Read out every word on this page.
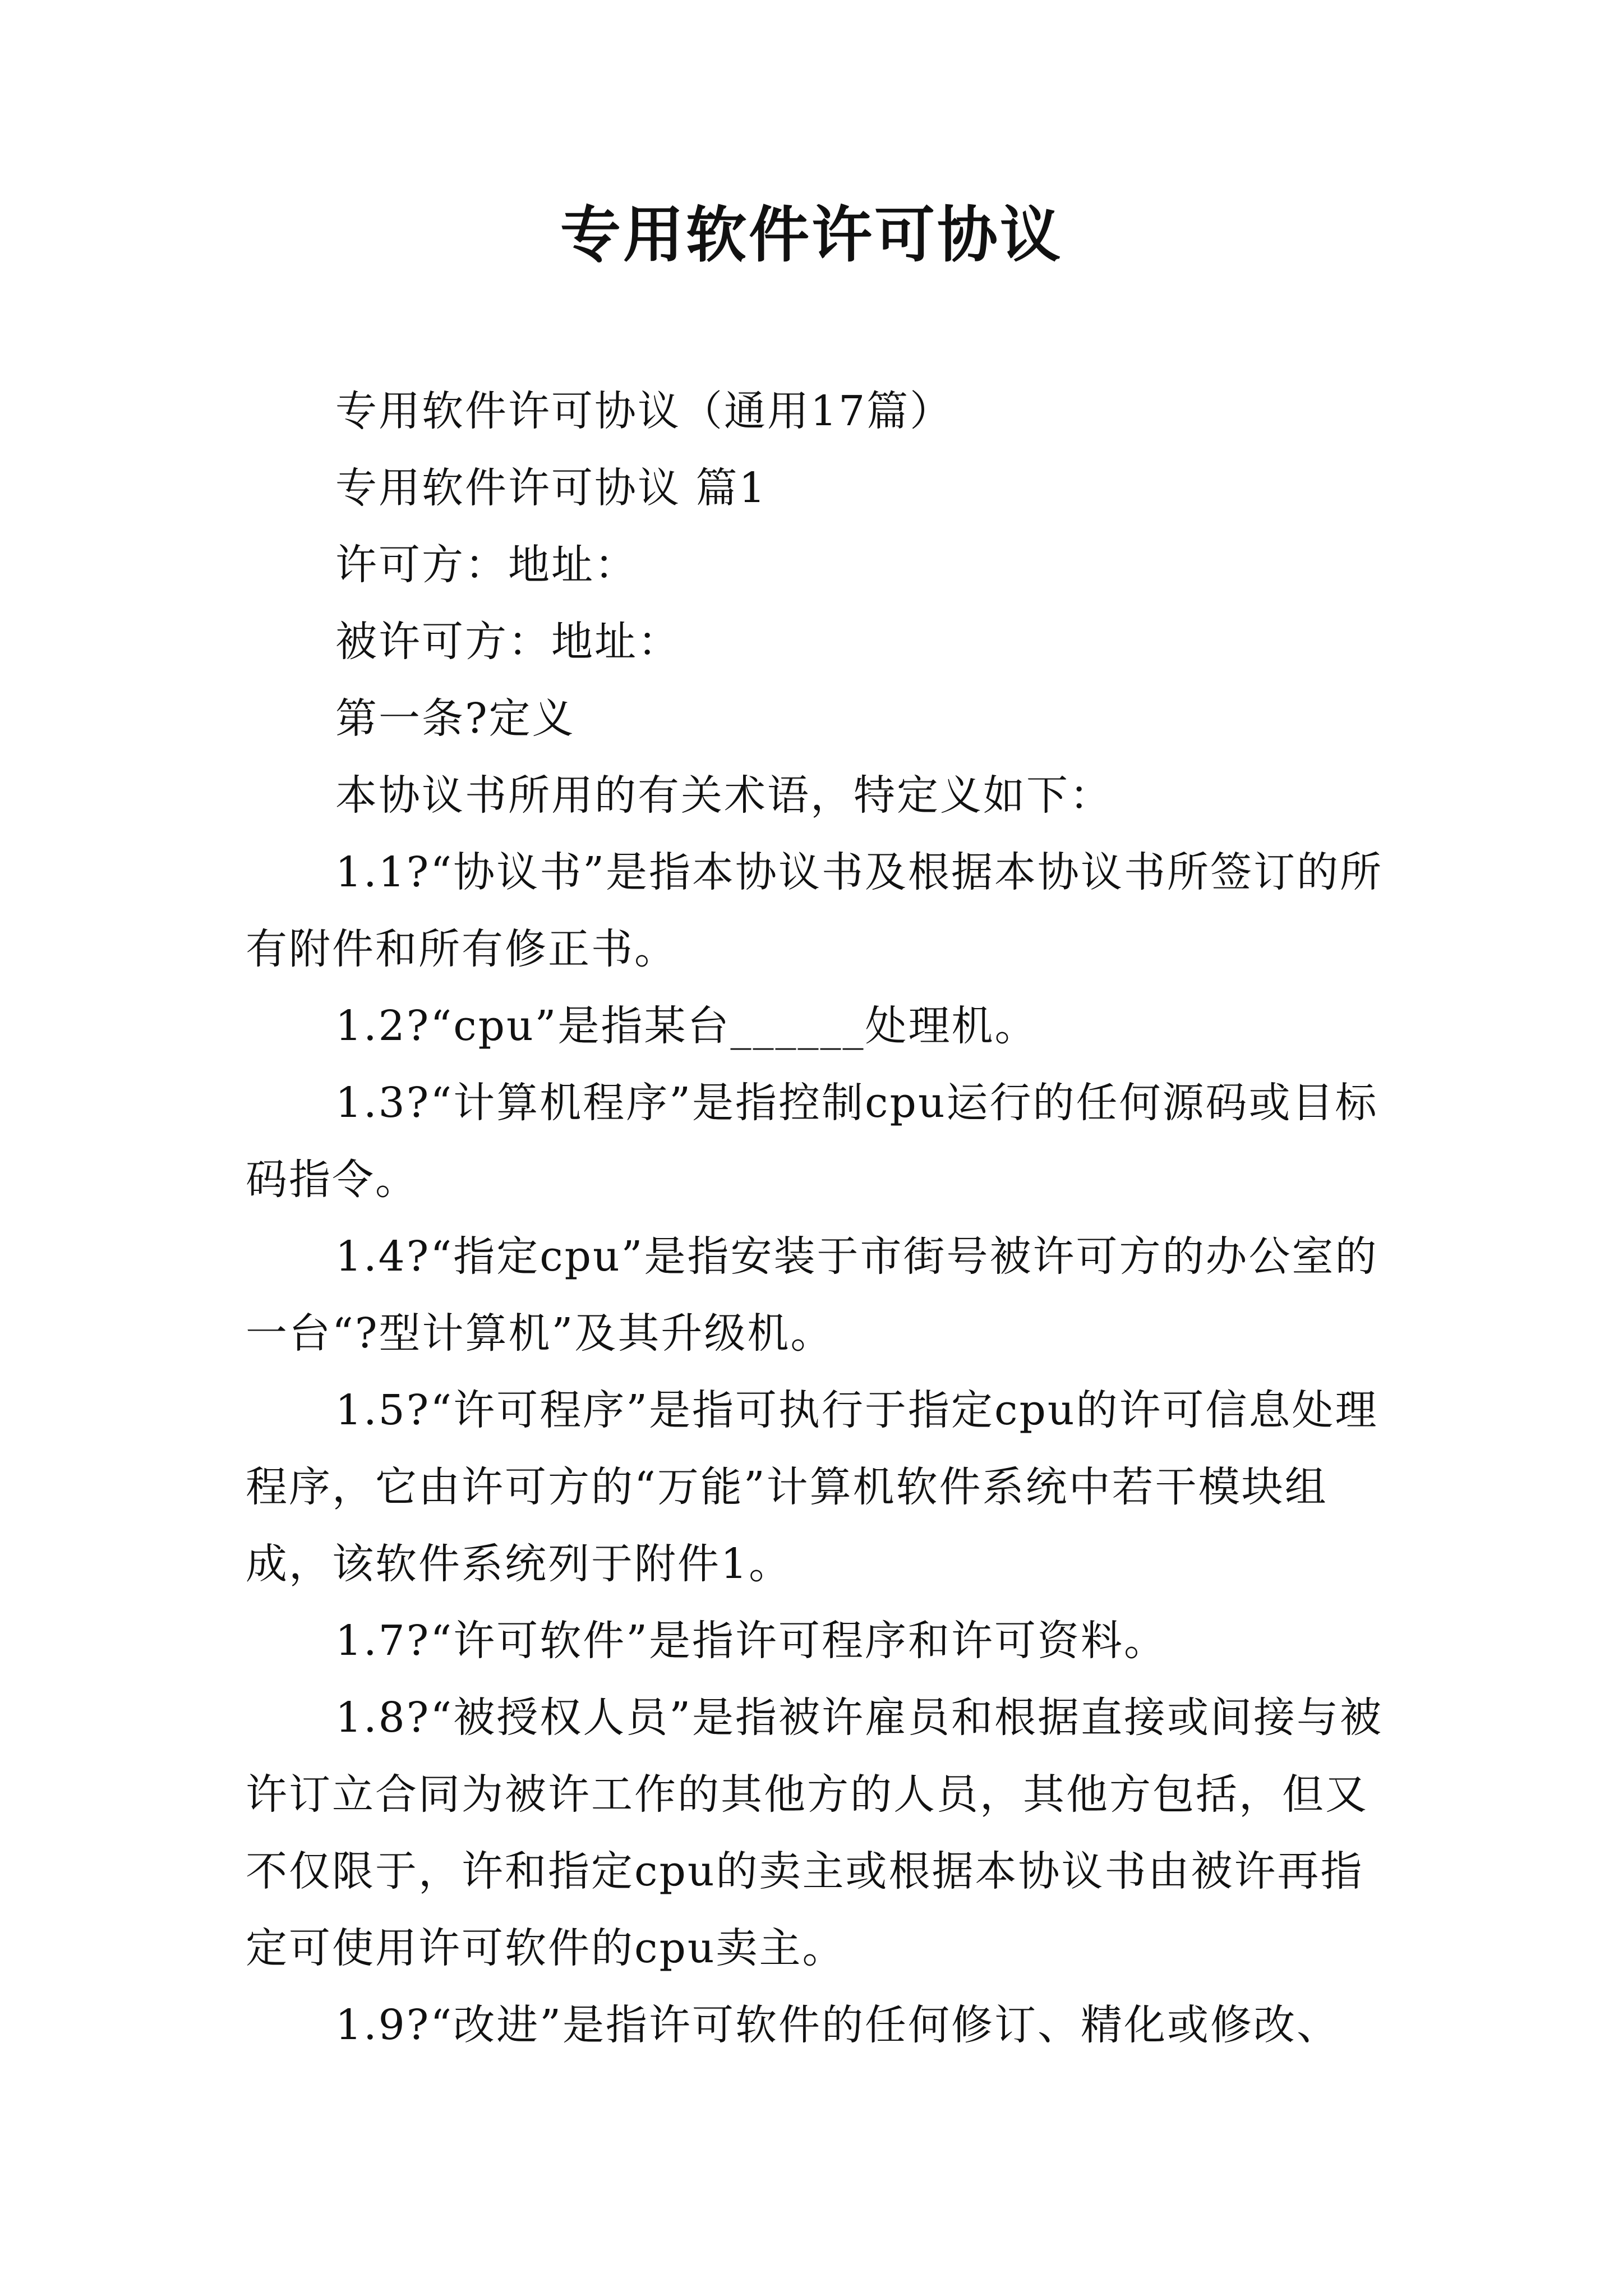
专用软件许可协议

专用软件许可协议（通用17篇）

专用软件许可协议 篇1

许可方：地址：

被许可方：地址：

第一条?定义

本协议书所用的有关术语，特定义如下：

1.1?“协议书”是指本协议书及根据本协议书所签订的所有附件和所有修正书。

1.2?“cpu”是指某台______处理机。

1.3?“计算机程序”是指控制cpu运行的任何源码或目标码指令。

1.4?“指定cpu”是指安装于市街号被许可方的办公室的一台“?型计算机”及其升级机。

1.5?“许可程序”是指可执行于指定cpu的许可信息处理程序，它由许可方的“万能”计算机软件系统中若干模块组成，该软件系统列于附件1。

1.7?“许可软件”是指许可程序和许可资料。

1.8?“被授权人员”是指被许雇员和根据直接或间接与被许订立合同为被许工作的其他方的人员，其他方包括，但又不仅限于，许和指定cpu的卖主或根据本协议书由被许再指定可使用许可软件的cpu卖主。

1.9?“改进”是指许可软件的任何修订、精化或修改、
